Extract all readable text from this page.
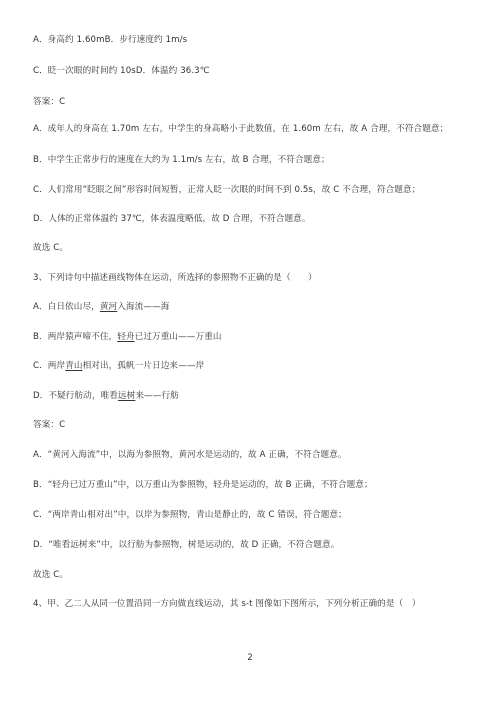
A．身高约 1.60mB．步行速度约 1m/s
C．眨一次眼的时间约 10sD．体温约 36.3℃
答案：C
A．成年人的身高在 1.70m 左右，中学生的身高略小于此数值，在 1.60m 左右，故 A 合理，不符合题意；
B．中学生正常步行的速度在大约为 1.1m/s 左右，故 B 合理，不符合题意；
C．人们常用“眨眼之间”形容时间短暂，正常人眨一次眼的时间不到 0.5s，故 C 不合理，符合题意；
D．人体的正常体温约 37℃，体表温度略低，故 D 合理，不符合题意。
故选 C。
3、下列诗句中描述画线物体在运动，所选择的参照物不正确的是（　　）
A．白日依山尽，黄河入海流——海
B．两岸猿声啼不住，轻舟已过万重山——万重山
C．两岸青山相对出，孤帆一片日边来——岸
D．不疑行舫动，唯看远树来——行舫
答案：C
A．“黄河入海流”中，以海为参照物，黄河水是运动的，故 A 正确，不符合题意。
B．“轻舟已过万重山”中，以万重山为参照物，轻舟是运动的，故 B 正确，不符合题意；
C．“两岸青山相对出”中，以岸为参照物，青山是静止的，故 C 错误，符合题意；
D．“唯看远树来”中，以行舫为参照物，树是运动的，故 D 正确，不符合题意。
故选 C。
4、甲、乙二人从同一位置沿同一方向做直线运动，其 s-t 图像如下图所示，下列分析正确的是（　）
2
